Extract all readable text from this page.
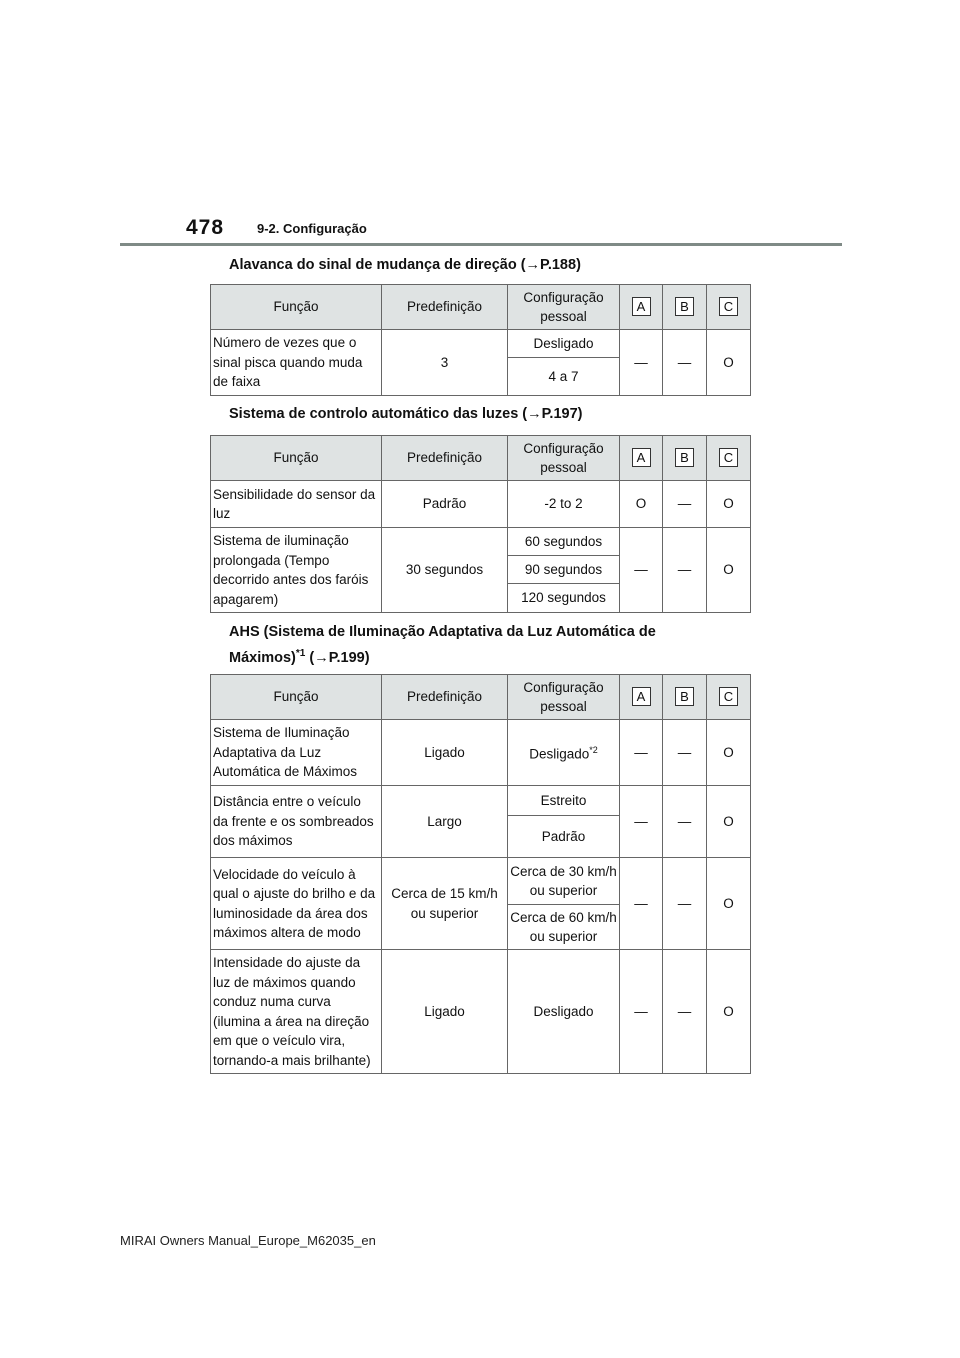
478	9-2. Configuração
Alavanca do sinal de mudança de direção (→P.188)
Função	Predefinição	Configuração pessoal	A	B	C
Número de vezes que o sinal pisca quando muda de faixa	3	Desligado	—	—	O
		4 a 7			
Sistema de controlo automático das luzes (→P.197)
Função	Predefinição	Configuração pessoal	A	B	C
Sensibilidade do sensor da luz	Padrão	-2 to 2	O	—	O
Sistema de iluminação prolongada (Tempo decorrido antes dos faróis apagarem)	30 segundos	60 segundos	—	—	O
		90 segundos			
		120 segundos			
AHS (Sistema de Iluminação Adaptativa da Luz Automática de
Máximos)$^{*1}$ (→P.199)
Função	Predefinição	Configuração pessoal	A	B	C
Sistema de Iluminação Adaptativa da Luz Automática de Máximos	Ligado	Desligado$^{*2}$	—	—	O
Distância entre o veículo da frente e os sombreados dos máximos	Largo	Estreito	—	—	O
		Padrão			
Velocidade do veículo à qual o ajuste do brilho e da luminosidade da área dos máximos altera de modo	Cerca de 15 km/h ou superior	Cerca de 30 km/h ou superior	—	—	O
		Cerca de 60 km/h ou superior			
Intensidade do ajuste da luz de máximos quando conduz numa curva (ilumina a área na direção em que o veículo vira, tornando-a mais brilhante)	Ligado	Desligado	—	—	O
MIRAI Owners Manual_Europe_M62035_en
